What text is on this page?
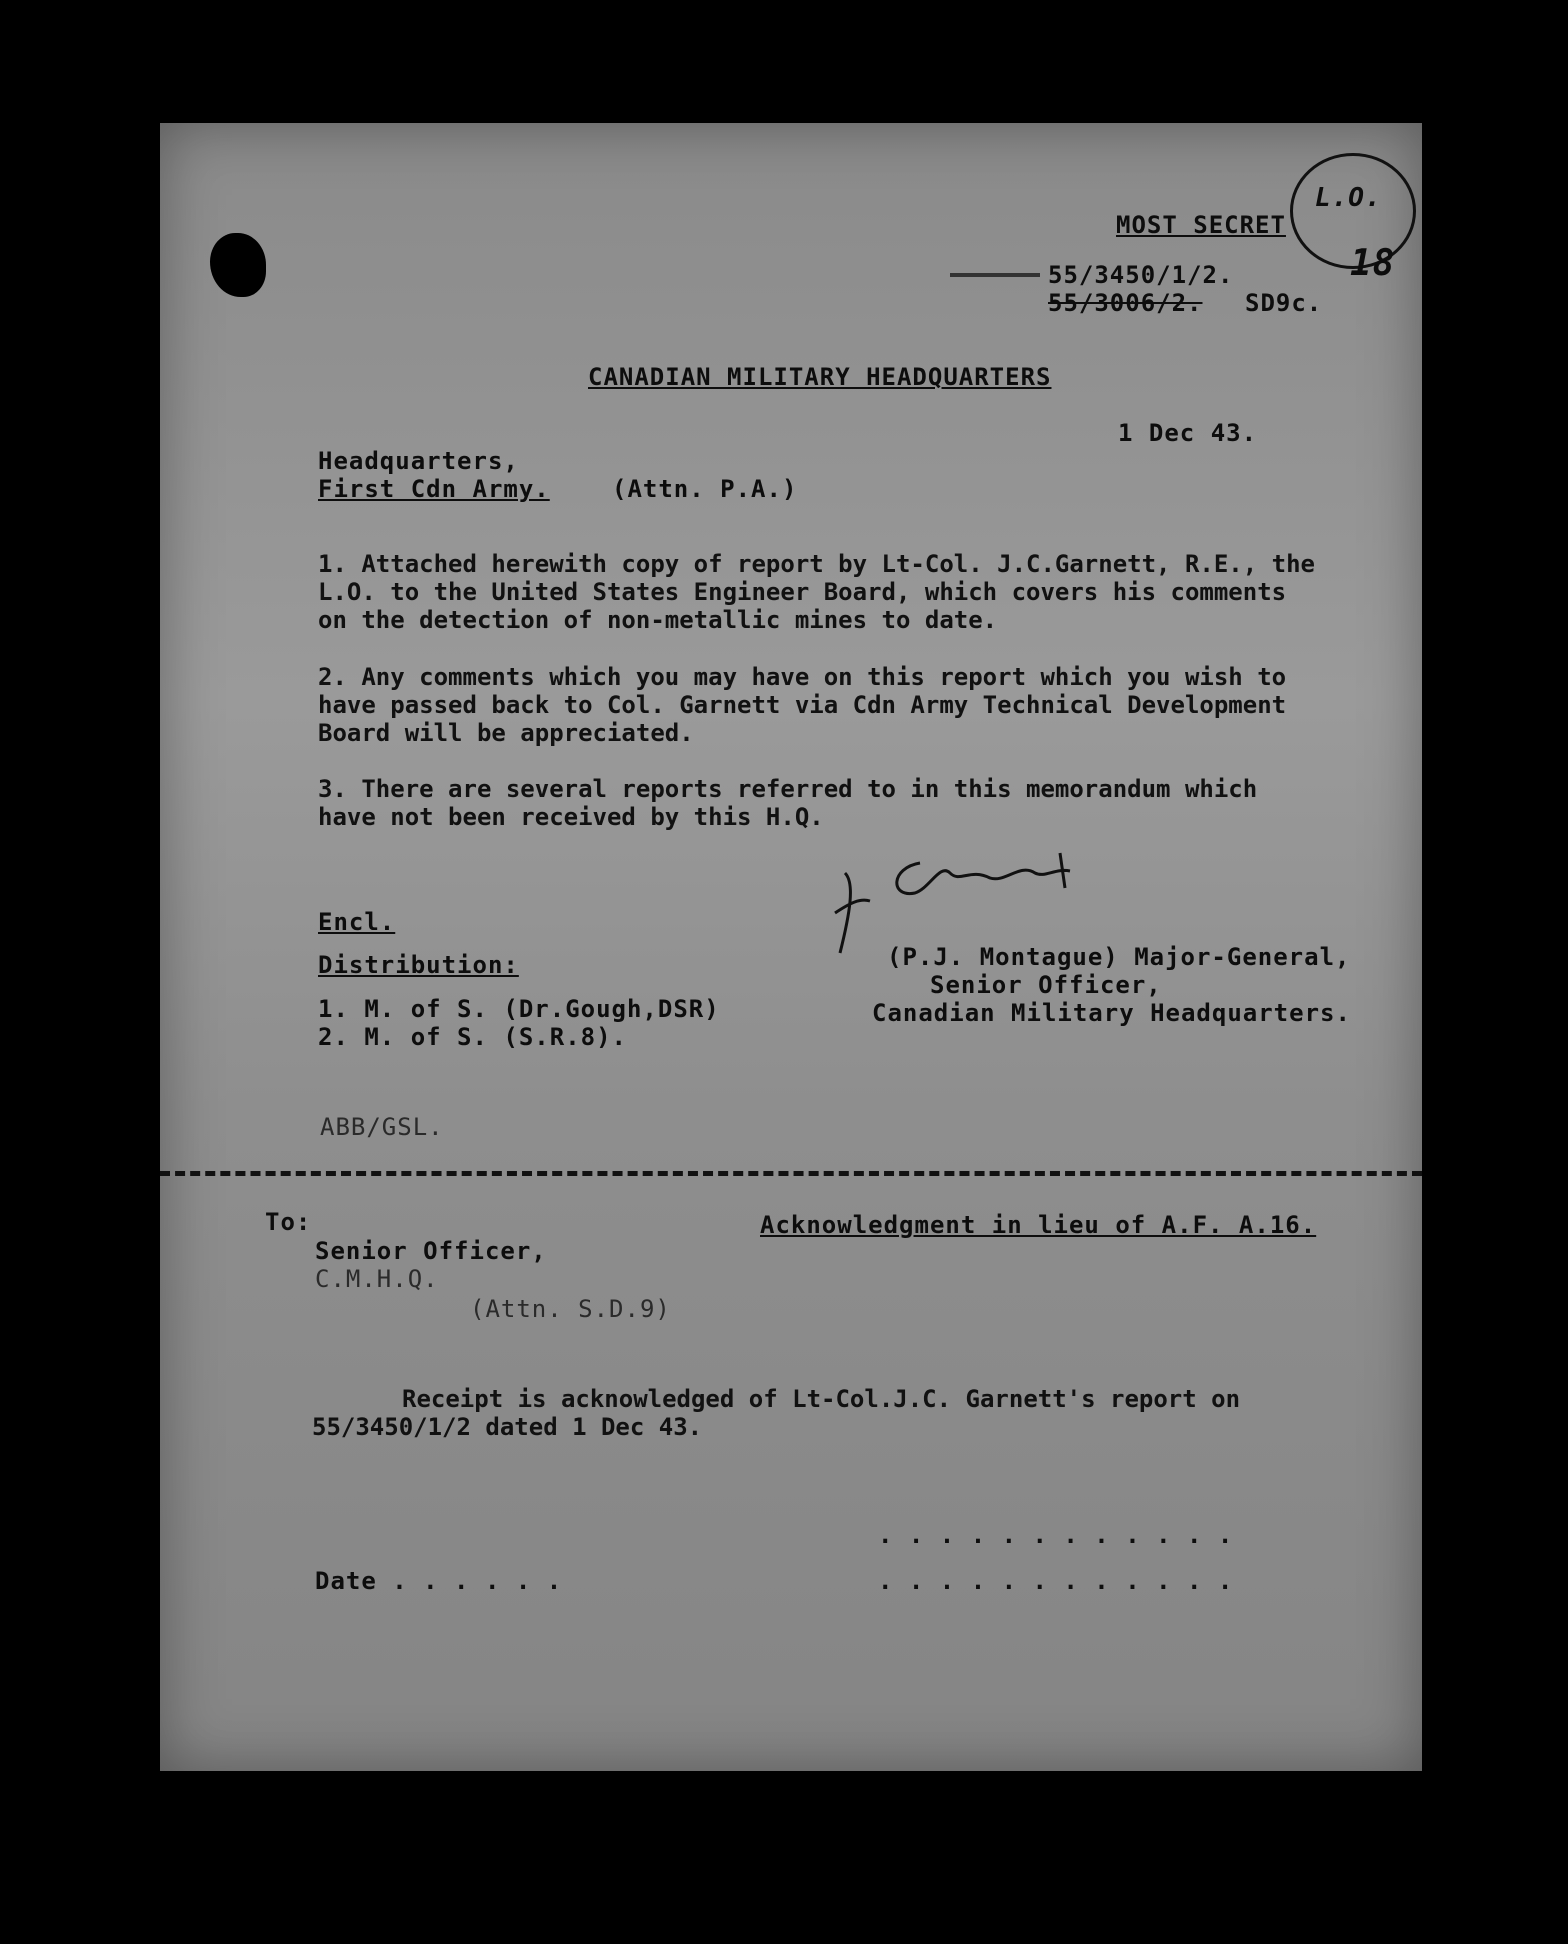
L.O.
18
MOST SECRET
55/3450/1/2.
55/3006/2. SD9c.
CANADIAN MILITARY HEADQUARTERS
1 Dec 43.
Headquarters,
First Cdn Army.	(Attn. P.A.)
1. Attached herewith copy of report by Lt-Col. J.C.Garnett, R.E., the L.O. to the United States Engineer Board, which covers his comments on the detection of non-metallic mines to date.
2. Any comments which you may have on this report which you wish to have passed back to Col. Garnett via Cdn Army Technical Development Board will be appreciated.
3. There are several reports referred to in this memorandum which have not been received by this H.Q.
Encl.
Distribution:
1. M. of S. (Dr.Gough,DSR)
2. M. of S. (S.R.8).
(P.J. Montague) Major-General,
Senior Officer,
Canadian Military Headquarters.
ABB/GSL.
To:	Acknowledgment in lieu of A.F. A.16.
Senior Officer,
C.M.H.Q.
(Attn. S.D.9)
Receipt is acknowledged of Lt-Col.J.C. Garnett's report on 55/3450/1/2 dated 1 Dec 43.
. . . . . . . . . . . .
Date . . . . . .	. . . . . . . . . . . .
